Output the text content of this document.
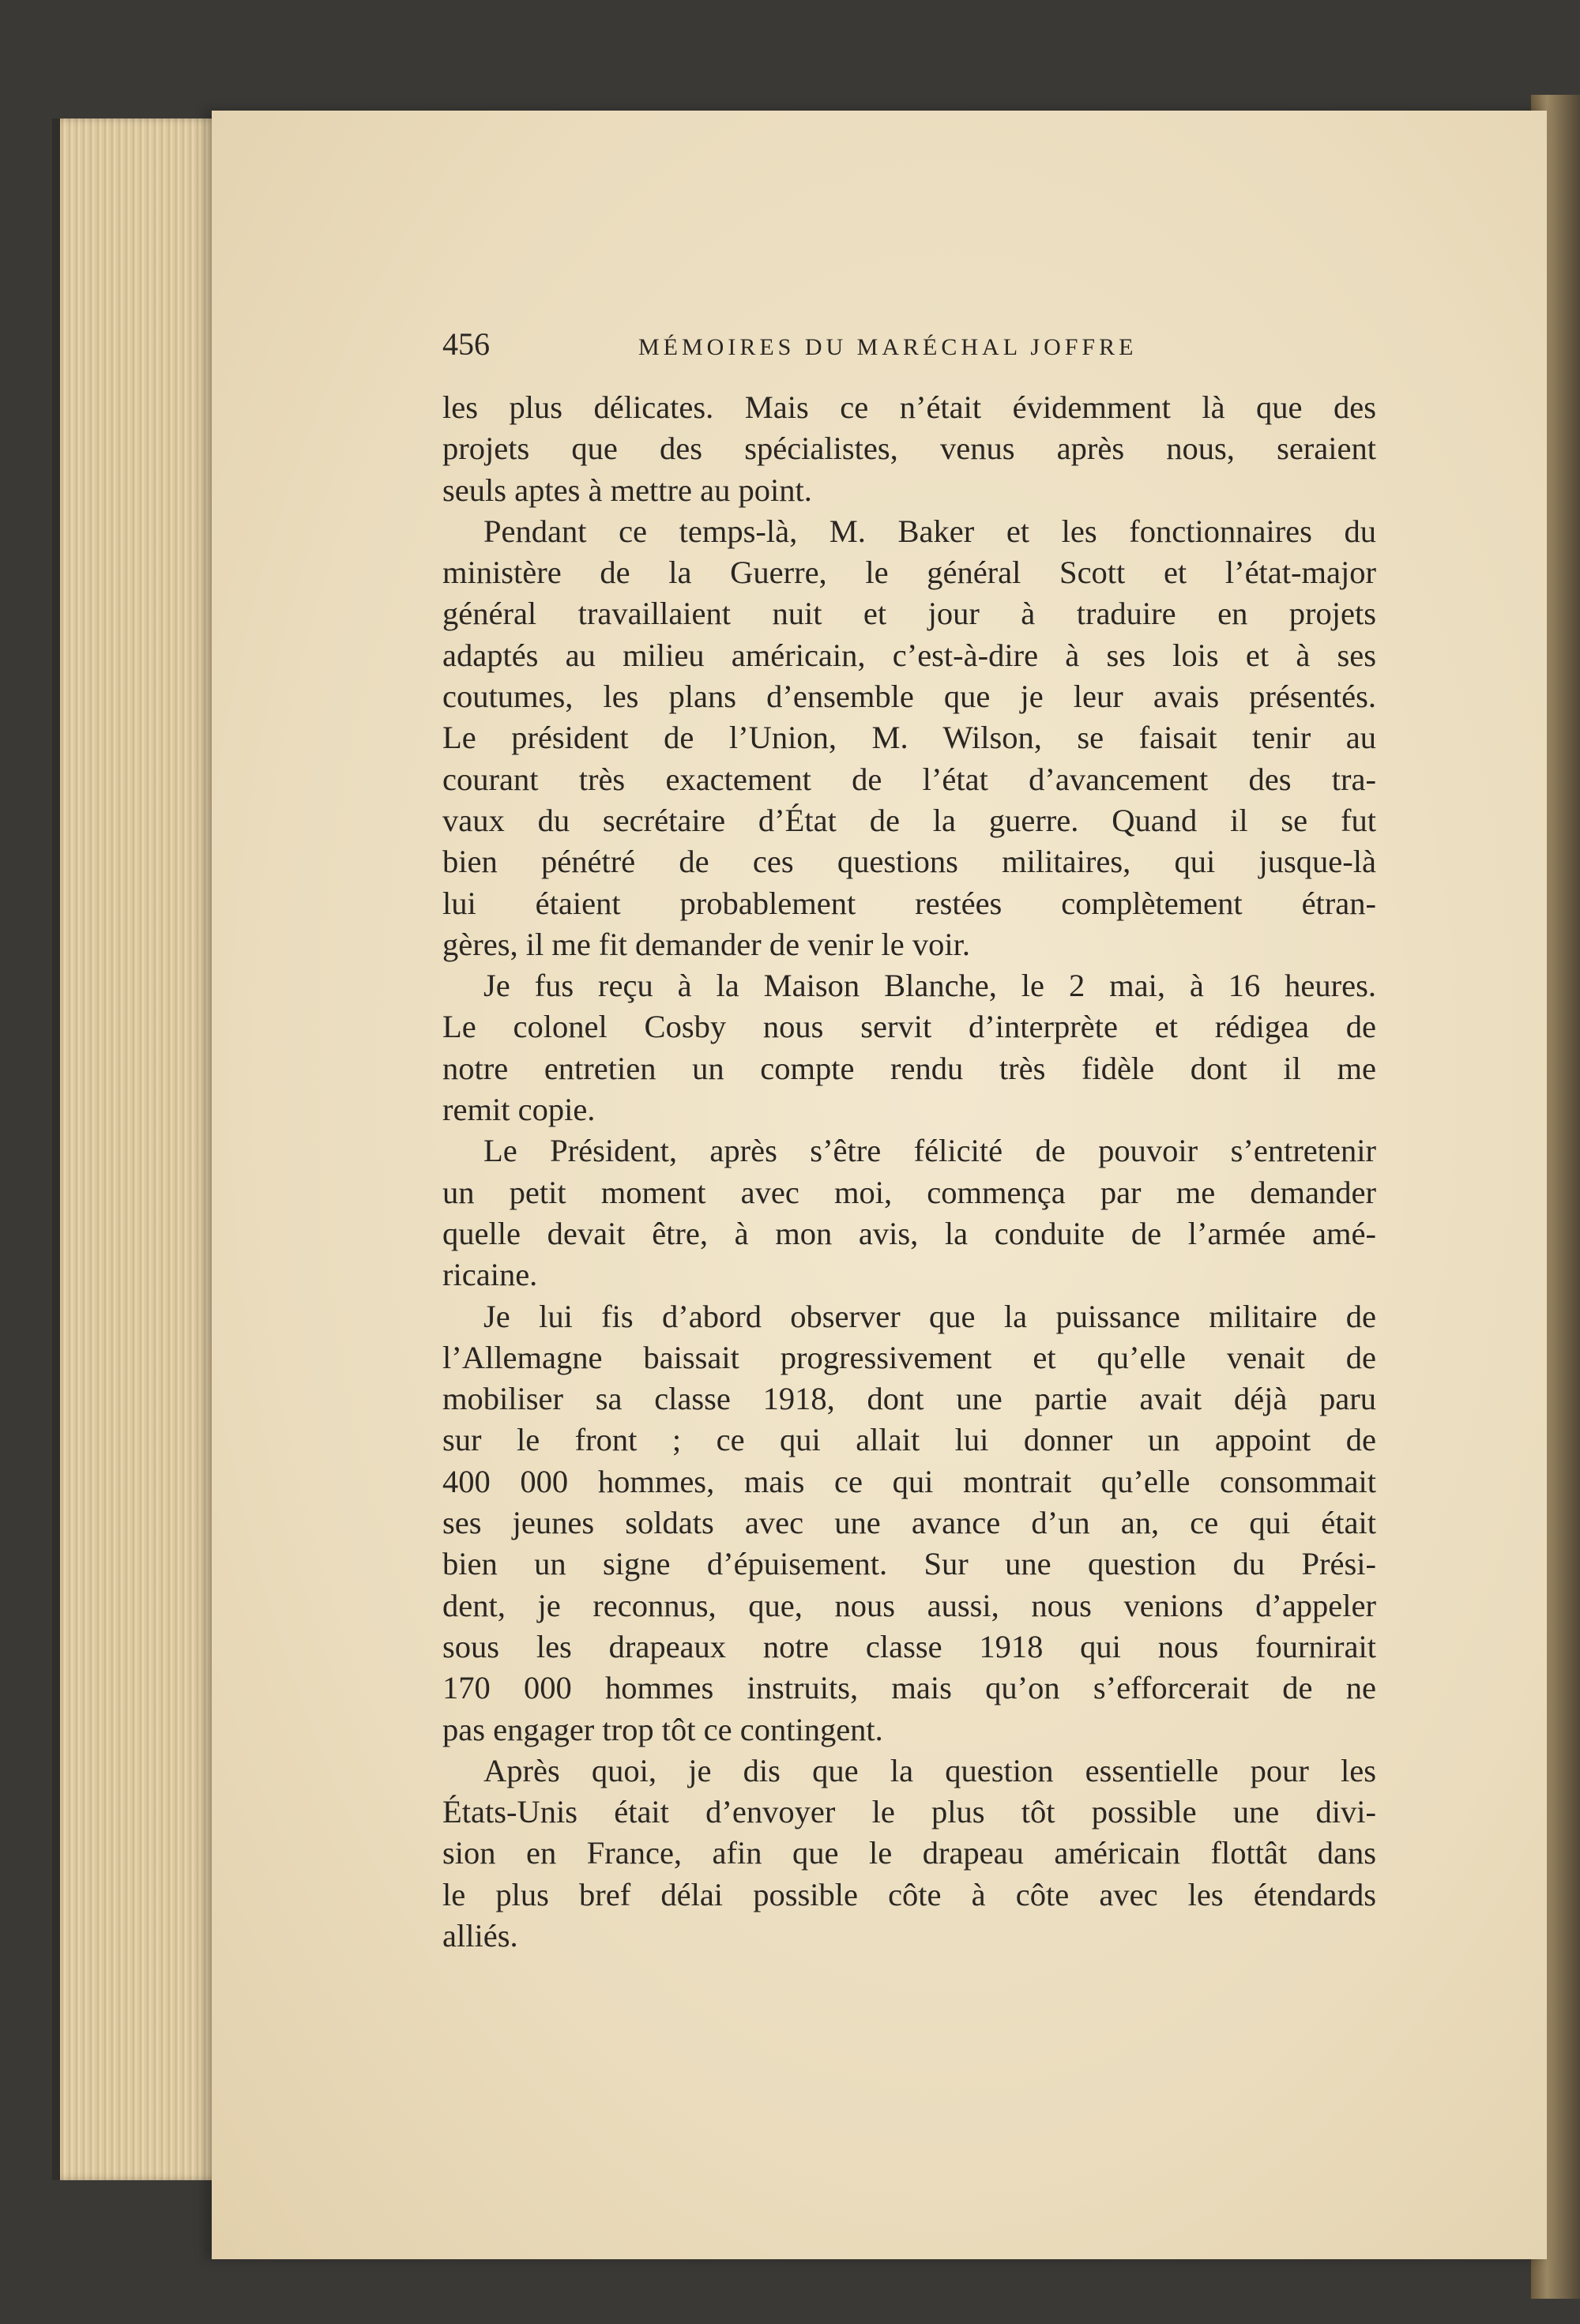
456	MÉMOIRES DU MARÉCHAL JOFFRE
les plus délicates. Mais ce n’était évidemment là que des
projets que des spécialistes, venus après nous, seraient
seuls aptes à mettre au point.
Pendant ce temps-là, M. Baker et les fonctionnaires du
ministère de la Guerre, le général Scott et l’état-major
général travaillaient nuit et jour à traduire en projets
adaptés au milieu américain, c’est-à-dire à ses lois et à ses
coutumes, les plans d’ensemble que je leur avais présentés.
Le président de l’Union, M. Wilson, se faisait tenir au
courant très exactement de l’état d’avancement des tra-
vaux du secrétaire d’État de la guerre. Quand il se fut
bien pénétré de ces questions militaires, qui jusque-là
lui étaient probablement restées complètement étran-
gères, il me fit demander de venir le voir.
Je fus reçu à la Maison Blanche, le 2 mai, à 16 heures.
Le colonel Cosby nous servit d’interprète et rédigea de
notre entretien un compte rendu très fidèle dont il me
remit copie.
Le Président, après s’être félicité de pouvoir s’entretenir
un petit moment avec moi, commença par me demander
quelle devait être, à mon avis, la conduite de l’armée amé-
ricaine.
Je lui fis d’abord observer que la puissance militaire de
l’Allemagne baissait progressivement et qu’elle venait de
mobiliser sa classe 1918, dont une partie avait déjà paru
sur le front ; ce qui allait lui donner un appoint de
400 000 hommes, mais ce qui montrait qu’elle consommait
ses jeunes soldats avec une avance d’un an, ce qui était
bien un signe d’épuisement. Sur une question du Prési-
dent, je reconnus, que, nous aussi, nous venions d’appeler
sous les drapeaux notre classe 1918 qui nous fournirait
170 000 hommes instruits, mais qu’on s’efforcerait de ne
pas engager trop tôt ce contingent.
Après quoi, je dis que la question essentielle pour les
États-Unis était d’envoyer le plus tôt possible une divi-
sion en France, afin que le drapeau américain flottât dans
le plus bref délai possible côte à côte avec les étendards
alliés.
